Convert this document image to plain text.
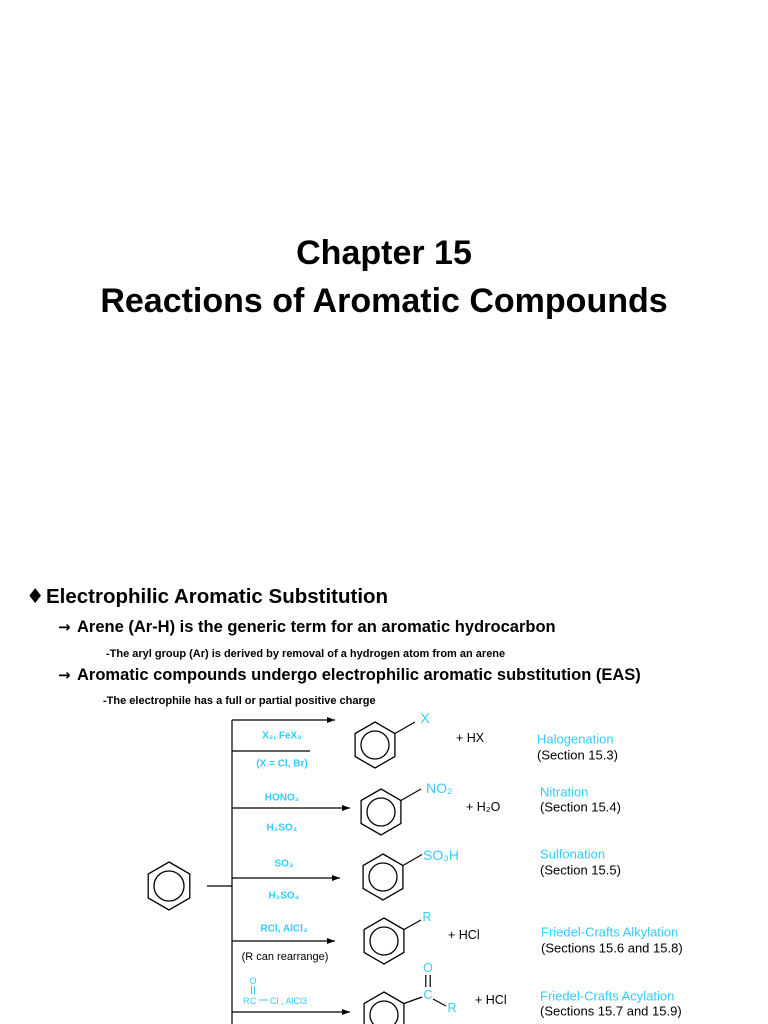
X₂, FeX₃
(X = Cl, Br)
X
+ HX	Halogenation
(Section 15.3)
HONO₂
H₂SO₄
NO₂
+ H₂O
Nitration
(Section 15.4)
SO₃
H₂SO₄
SO₃H	Sulfonation
(Section 15.5)
RCl, AlCl₃
(R can rearrange)
R
+ HCl	Friedel-Crafts Alkylation
(Sections 15.6 and 15.8)
O
R C Cl , AlCl3	C
O
R
+ HCl	Friedel-Crafts Acylation
(Sections 15.7 and 15.9)
Chapter 15
Reactions of Aromatic Compounds
♦Electrophilic Aromatic Substitution
→ Arene (Ar-H) is the generic term for an aromatic hydrocarbon
-The aryl group (Ar) is derived by removal of a hydrogen atom from an arene
→ Aromatic compounds undergo electrophilic aromatic substitution (EAS)
-The electrophile has a full or partial positive charge
